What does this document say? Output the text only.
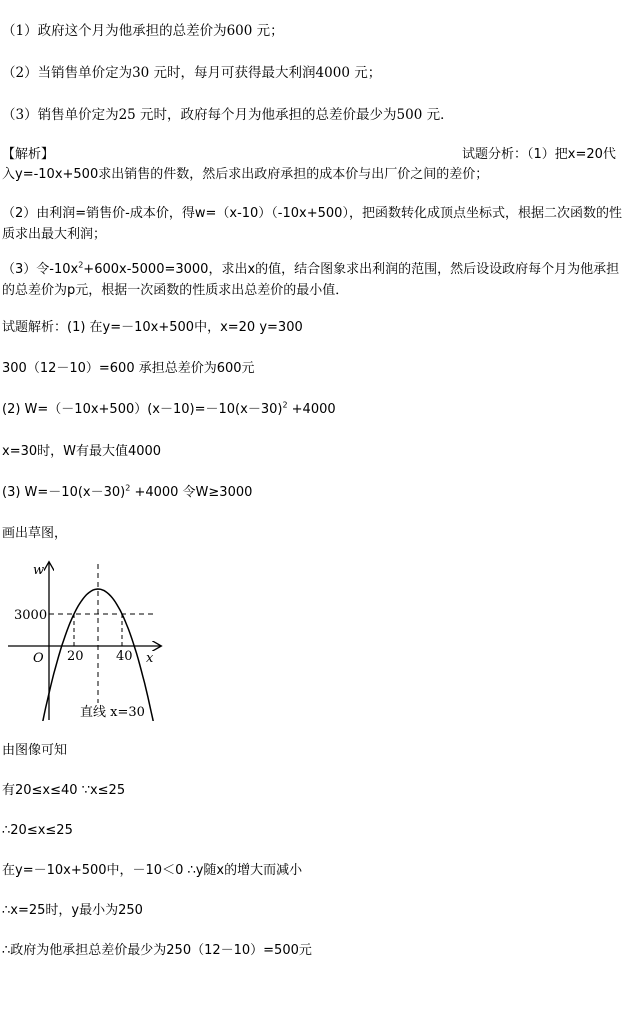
（1）政府这个月为他承担的总差价为600 元；
（2）当销售单价定为30 元时，每月可获得最大利润4000 元；
（3）销售单价定为25 元时，政府每个月为他承担的总差价最少为500 元．
【解析】	试题分析：（1）把x=20代
入y=-10x+500求出销售的件数，然后求出政府承担的成本价与出厂价之间的差价；
（2）由利润=销售价-成本价，得w=（x-10）（-10x+500），把函数转化成顶点坐标式，根据二次函数的性质求出最大利润；
（3）令$-10x^2+600x-5000=3000$，求出x的值，结合图象求出利润的范围，然后设设政府每个月为他承担的总差价为p元，根据一次函数的性质求出总差价的最小值．
试题解析：(1) 在y=－10x+500中，x=20 y=300
300（12－10）=600 承担总差价为600元
(2) $W=(-10x+500)(x-10)=-10(x-30)^2 +4000$
x=30时，W有最大值4000
(3) $W=-10(x-30)^2 +4000$ 令W≥3000
画出草图，
w
x
O
3000
20 40
直线 x=30
由图像可知
有20≤x≤40 ∵x≤25
∴20≤x≤25
在y=－10x+500中，－10＜0 ∴y随x的增大而减小
∴x=25时，y最小为250
∴政府为他承担总差价最少为250（12－10）=500元
